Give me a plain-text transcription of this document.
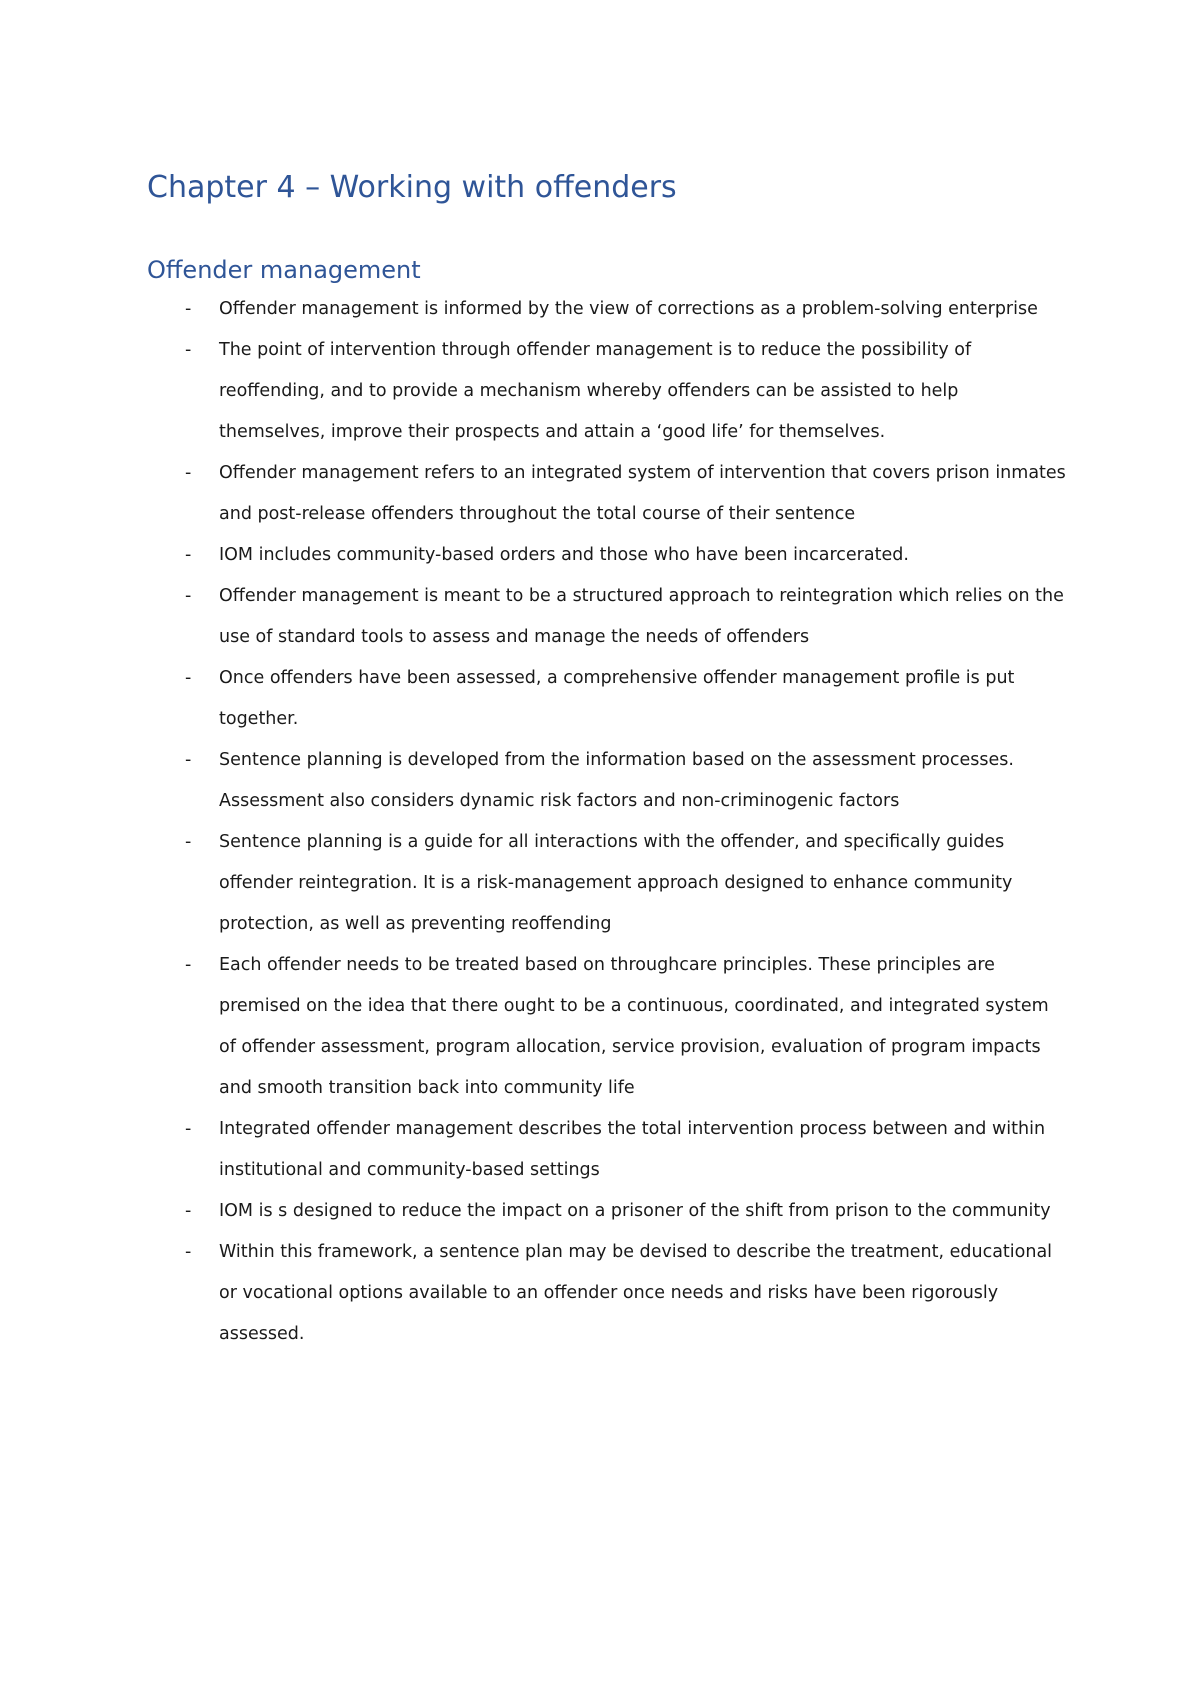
Chapter 4 – Working with offenders
Offender management
-	Offender management is informed by the view of corrections as a problem-solving enterprise
-	The point of intervention through offender management is to reduce the possibility of reoffending, and to provide a mechanism whereby offenders can be assisted to help themselves, improve their prospects and attain a ‘good life’ for themselves.
-	Offender management refers to an integrated system of intervention that covers prison inmates and post-release offenders throughout the total course of their sentence
-	IOM includes community-based orders and those who have been incarcerated.
-	Offender management is meant to be a structured approach to reintegration which relies on the use of standard tools to assess and manage the needs of offenders
-	Once offenders have been assessed, a comprehensive offender management profile is put together.
-	Sentence planning is developed from the information based on the assessment processes. Assessment also considers dynamic risk factors and non-criminogenic factors
-	Sentence planning is a guide for all interactions with the offender, and specifically guides offender reintegration. It is a risk-management approach designed to enhance community protection, as well as preventing reoffending
-	Each offender needs to be treated based on throughcare principles. These principles are premised on the idea that there ought to be a continuous, coordinated, and integrated system of offender assessment, program allocation, service provision, evaluation of program impacts and smooth transition back into community life
-	Integrated offender management describes the total intervention process between and within institutional and community-based settings
-	IOM is s designed to reduce the impact on a prisoner of the shift from prison to the community
-	Within this framework, a sentence plan may be devised to describe the treatment, educational or vocational options available to an offender once needs and risks have been rigorously assessed.
